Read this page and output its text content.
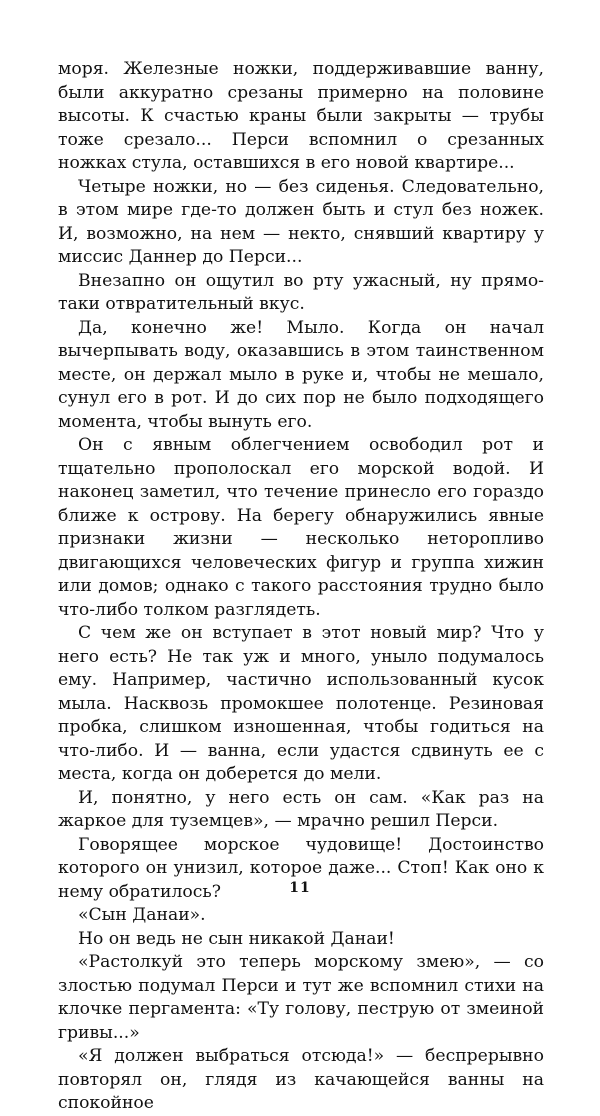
моря. Железные ножки, поддерживавшие ванну, были аккуратно срезаны примерно на половине высоты. К счастью краны были закрыты — трубы тоже срезало... Перси вспомнил о срезанных ножках стула, оставшихся в его новой квартире...

Четыре ножки, но — без сиденья. Следовательно, в этом мире где-то должен быть и стул без ножек. И, возможно, на нем — некто, снявший квартиру у миссис Даннер до Перси...

Внезапно он ощутил во рту ужасный, ну прямо-таки отвратительный вкус.

Да, конечно же! Мыло. Когда он начал вычерпывать воду, оказавшись в этом таинственном месте, он держал мыло в руке и, чтобы не мешало, сунул его в рот. И до сих пор не было подходящего момента, чтобы вынуть его.

Он с явным облегчением освободил рот и тщательно прополоскал его морской водой. И наконец заметил, что течение принесло его гораздо ближе к острову. На берегу обнаружились явные признаки жизни — несколько неторопливо двигающихся человеческих фигур и группа хижин или домов; однако с такого расстояния трудно было что-либо толком разглядеть.

С чем же он вступает в этот новый мир? Что у него есть? Не так уж и много, уныло подумалось ему. Например, частично использованный кусок мыла. Насквозь промокшее полотенце. Резиновая пробка, слишком изношенная, чтобы годиться на что-либо. И — ванна, если удастся сдвинуть ее с места, когда он доберется до мели.

И, понятно, у него есть он сам. «Как раз на жаркое для туземцев», — мрачно решил Перси.

Говорящее морское чудовище! Достоинство которого он унизил, которое даже... Стоп! Как оно к нему обратилось?

«Сын Данаи».

Но он ведь не сын никакой Данаи!

«Растолкуй это теперь морскому змею», — со злостью подумал Перси и тут же вспомнил стихи на клочке пергамента: «Ту голову, пеструю от змеиной гривы...»

«Я должен выбраться отсюда!» — беспрерывно повторял он, глядя из качающейся ванны на спокойное

11
